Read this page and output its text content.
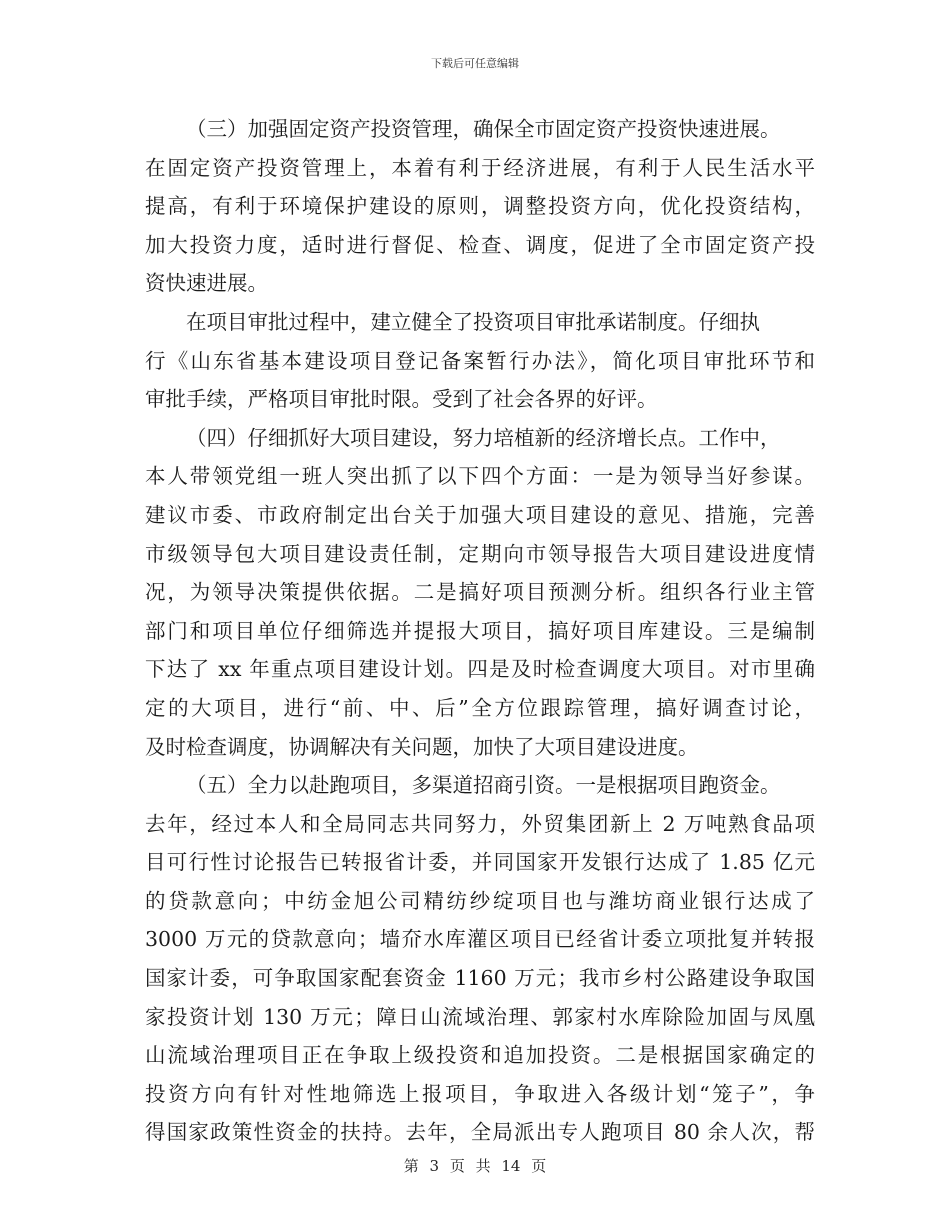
下载后可任意编辑
（三）加强固定资产投资管理，确保全市固定资产投资快速进展。
在固定资产投资管理上，本着有利于经济进展，有利于人民生活水平
提高，有利于环境保护建设的原则，调整投资方向，优化投资结构，
加大投资力度，适时进行督促、检查、调度，促进了全市固定资产投
资快速进展。
在项目审批过程中，建立健全了投资项目审批承诺制度。仔细执
行《山东省基本建设项目登记备案暂行办法》，简化项目审批环节和
审批手续，严格项目审批时限。受到了社会各界的好评。
（四）仔细抓好大项目建设，努力培植新的经济增长点。工作中，
本人带领党组一班人突出抓了以下四个方面：一是为领导当好参谋。
建议市委、市政府制定出台关于加强大项目建设的意见、措施，完善
市级领导包大项目建设责任制，定期向市领导报告大项目建设进度情
况，为领导决策提供依据。二是搞好项目预测分析。组织各行业主管
部门和项目单位仔细筛选并提报大项目，搞好项目库建设。三是编制
下达了 xx 年重点项目建设计划。四是及时检查调度大项目。对市里确
定的大项目，进行“前、中、后”全方位跟踪管理，搞好调查讨论，
及时检查调度，协调解决有关问题，加快了大项目建设进度。
（五）全力以赴跑项目，多渠道招商引资。一是根据项目跑资金。
去年，经过本人和全局同志共同努力，外贸集团新上 2 万吨熟食品项
目可行性讨论报告已转报省计委，并同国家开发银行达成了 1.85 亿元
的贷款意向；中纺金旭公司精纺纱绽项目也与潍坊商业银行达成了
3000 万元的贷款意向；墙夼水库灌区项目已经省计委立项批复并转报
国家计委，可争取国家配套资金 1160 万元；我市乡村公路建设争取国
家投资计划 130 万元；障日山流域治理、郭家村水库除险加固与凤凰
山流域治理项目正在争取上级投资和追加投资。二是根据国家确定的
投资方向有针对性地筛选上报项目，争取进入各级计划“笼子”，争
得国家政策性资金的扶持。去年，全局派出专人跑项目 80 余人次，帮
第 3 页 共 14 页
